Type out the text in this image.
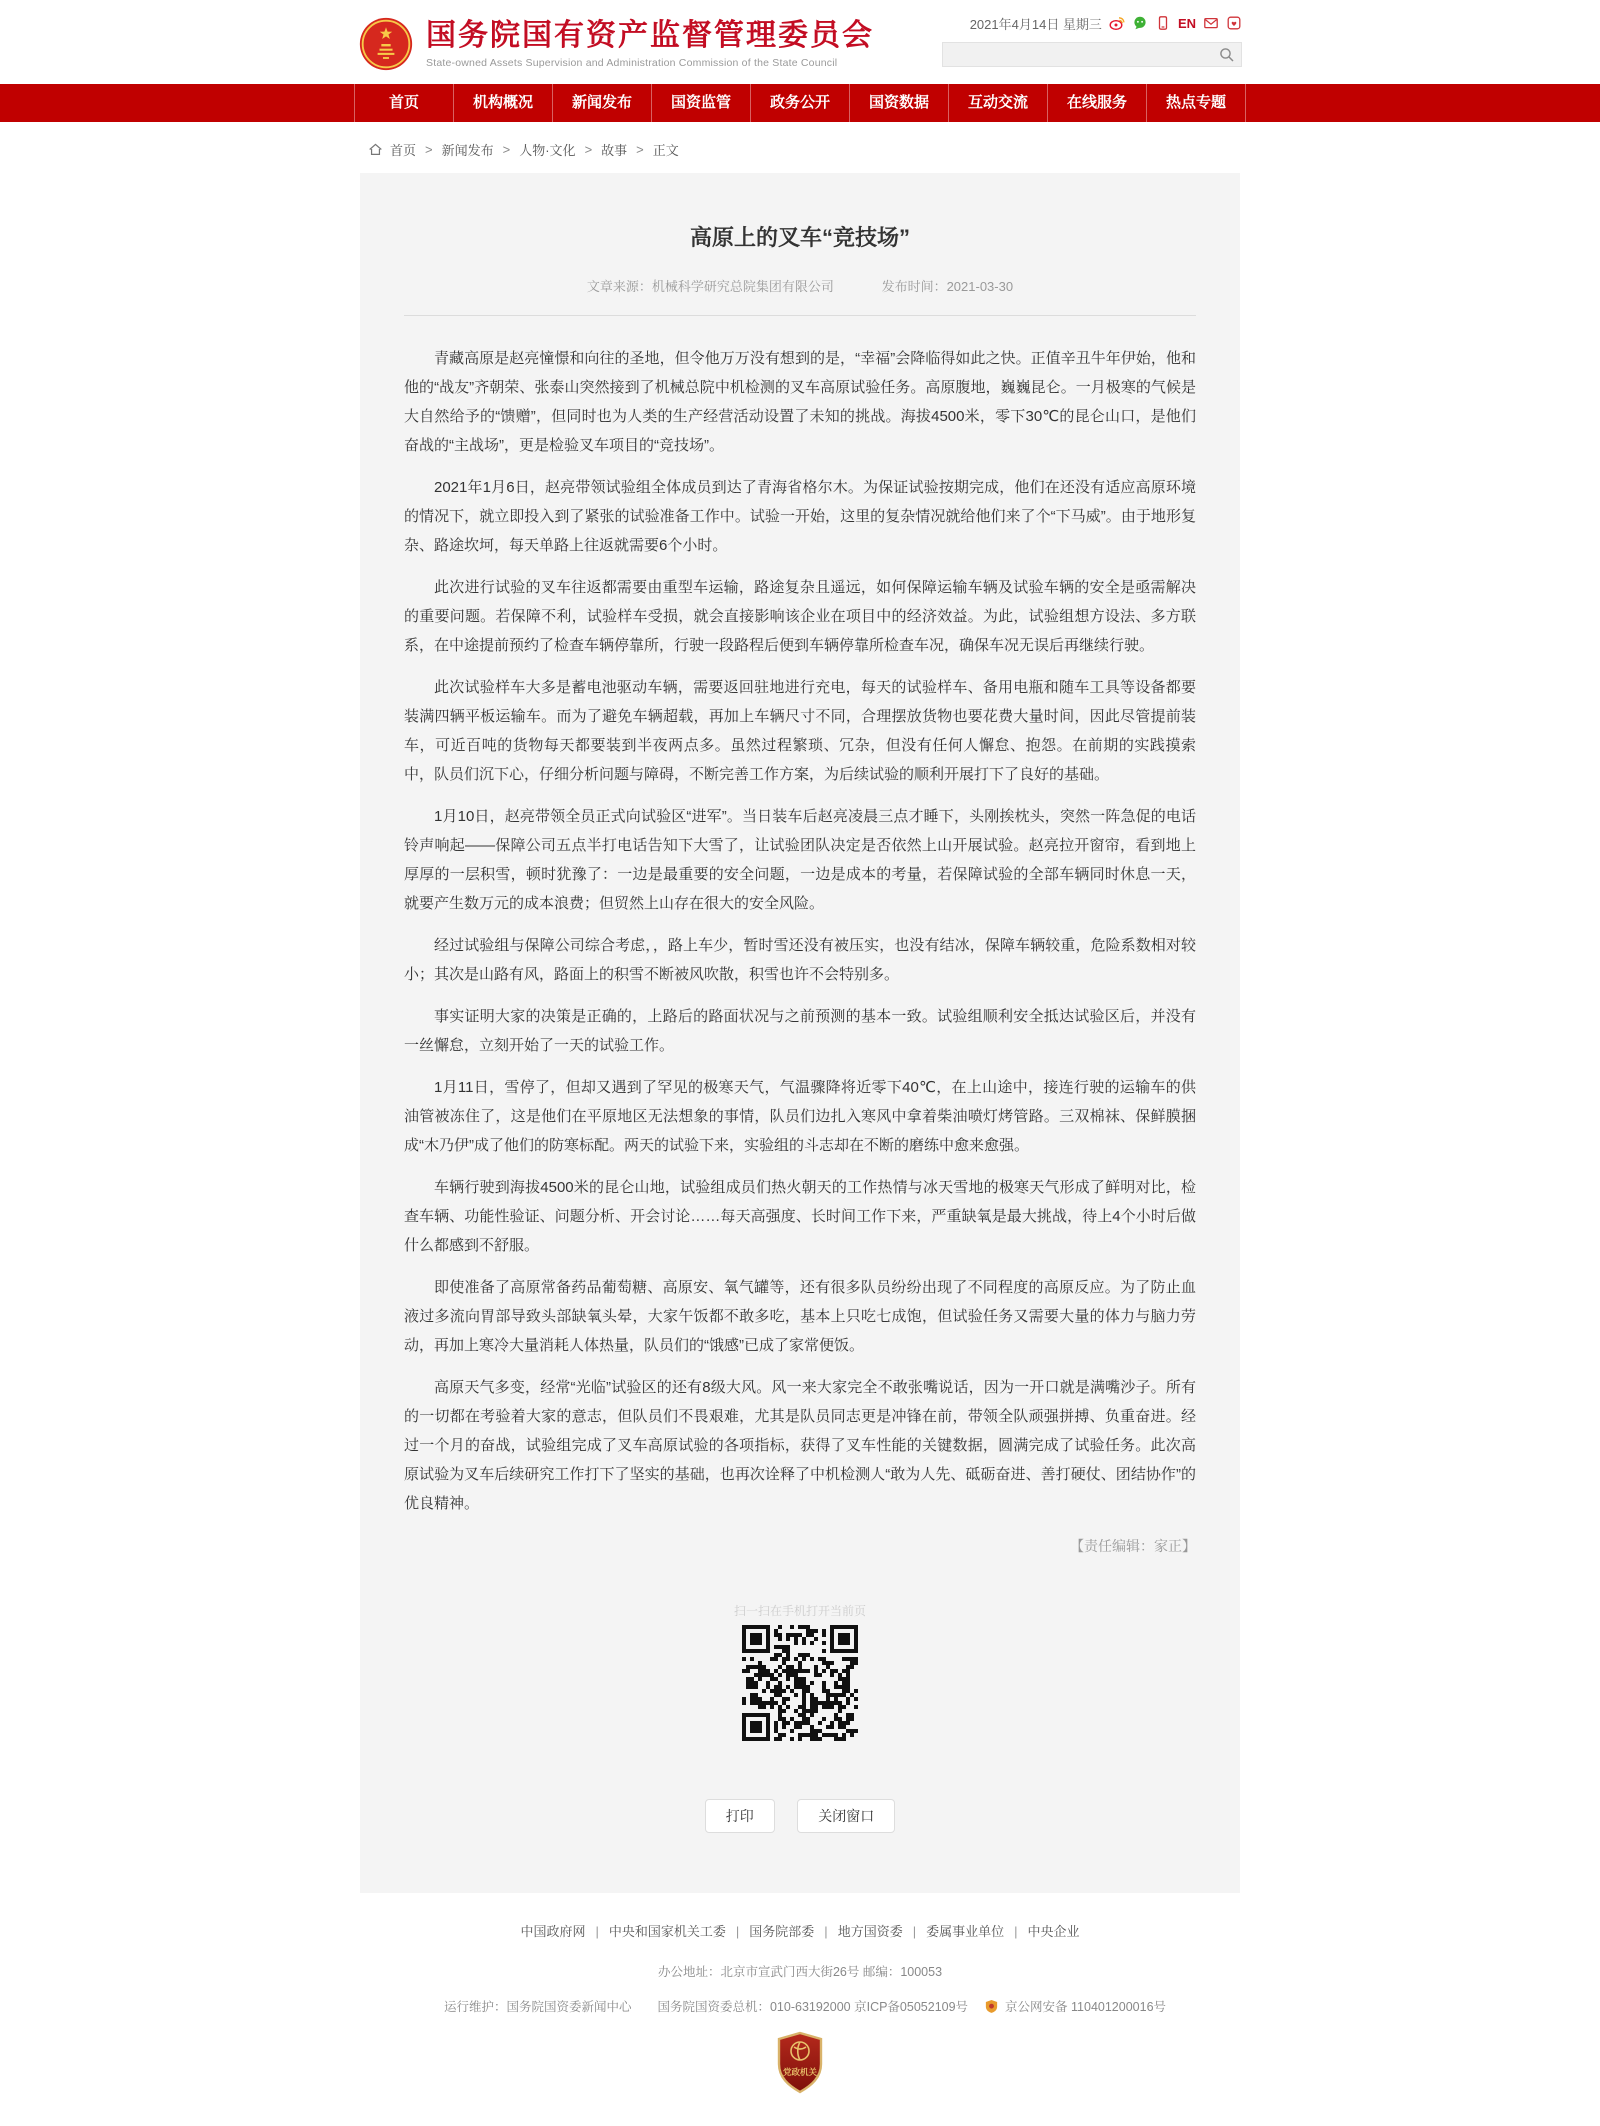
国务院国有资产监督管理委员会
State-owned Assets Supervision and Administration Commission of the State Council
2021年4月14日 星期三	EN
首页	机构概况	新闻发布	国资监管	政务公开	国资数据	互动交流	在线服务	热点专题
首页 > 新闻发布 > 人物·文化 > 故事 > 正文
高原上的叉车“竞技场”
文章来源：机械科学研究总院集团有限公司	发布时间：2021-03-30

青藏高原是赵亮憧憬和向往的圣地，但令他万万没有想到的是，“幸福”会降临得如此之快。正值辛丑牛年伊始，他和他的“战友”齐朝荣、张泰山突然接到了机械总院中机检测的叉车高原试验任务。高原腹地，巍巍昆仑。一月极寒的气候是大自然给予的“馈赠”，但同时也为人类的生产经营活动设置了未知的挑战。海拔4500米，零下30℃的昆仑山口，是他们奋战的“主战场”，更是检验叉车项目的“竞技场”。

2021年1月6日，赵亮带领试验组全体成员到达了青海省格尔木。为保证试验按期完成，他们在还没有适应高原环境的情况下，就立即投入到了紧张的试验准备工作中。试验一开始，这里的复杂情况就给他们来了个“下马威”。由于地形复杂、路途坎坷，每天单路上往返就需要6个小时。

此次进行试验的叉车往返都需要由重型车运输，路途复杂且遥远，如何保障运输车辆及试验车辆的安全是亟需解决的重要问题。若保障不利，试验样车受损，就会直接影响该企业在项目中的经济效益。为此，试验组想方设法、多方联系，在中途提前预约了检查车辆停靠所，行驶一段路程后便到车辆停靠所检查车况，确保车况无误后再继续行驶。

此次试验样车大多是蓄电池驱动车辆，需要返回驻地进行充电，每天的试验样车、备用电瓶和随车工具等设备都要装满四辆平板运输车。而为了避免车辆超载，再加上车辆尺寸不同，合理摆放货物也要花费大量时间，因此尽管提前装车，可近百吨的货物每天都要装到半夜两点多。虽然过程繁琐、冗杂，但没有任何人懈怠、抱怨。在前期的实践摸索中，队员们沉下心，仔细分析问题与障碍，不断完善工作方案，为后续试验的顺利开展打下了良好的基础。

1月10日，赵亮带领全员正式向试验区“进军”。当日装车后赵亮凌晨三点才睡下，头刚挨枕头，突然一阵急促的电话铃声响起——保障公司五点半打电话告知下大雪了，让试验团队决定是否依然上山开展试验。赵亮拉开窗帘，看到地上厚厚的一层积雪，顿时犹豫了：一边是最重要的安全问题，一边是成本的考量，若保障试验的全部车辆同时休息一天，就要产生数万元的成本浪费；但贸然上山存在很大的安全风险。

经过试验组与保障公司综合考虑，，路上车少，暂时雪还没有被压实，也没有结冰，保障车辆较重，危险系数相对较小；其次是山路有风，路面上的积雪不断被风吹散，积雪也许不会特别多。

事实证明大家的决策是正确的，上路后的路面状况与之前预测的基本一致。试验组顺利安全抵达试验区后，并没有一丝懈怠，立刻开始了一天的试验工作。

1月11日，雪停了，但却又遇到了罕见的极寒天气，气温骤降将近零下40℃，在上山途中，接连行驶的运输车的供油管被冻住了，这是他们在平原地区无法想象的事情，队员们边扎入寒风中拿着柴油喷灯烤管路。三双棉袜、保鲜膜捆成“木乃伊”成了他们的防寒标配。两天的试验下来，实验组的斗志却在不断的磨练中愈来愈强。

车辆行驶到海拔4500米的昆仑山地，试验组成员们热火朝天的工作热情与冰天雪地的极寒天气形成了鲜明对比，检查车辆、功能性验证、问题分析、开会讨论……每天高强度、长时间工作下来，严重缺氧是最大挑战，待上4个小时后做什么都感到不舒服。

即使准备了高原常备药品葡萄糖、高原安、氧气罐等，还有很多队员纷纷出现了不同程度的高原反应。为了防止血液过多流向胃部导致头部缺氧头晕，大家午饭都不敢多吃，基本上只吃七成饱，但试验任务又需要大量的体力与脑力劳动，再加上寒冷大量消耗人体热量，队员们的“饿感”已成了家常便饭。

高原天气多变，经常“光临”试验区的还有8级大风。风一来大家完全不敢张嘴说话，因为一开口就是满嘴沙子。所有的一切都在考验着大家的意志，但队员们不畏艰难，尤其是队员同志更是冲锋在前，带领全队顽强拼搏、负重奋进。经过一个月的奋战，试验组完成了叉车高原试验的各项指标，获得了叉车性能的关键数据，圆满完成了试验任务。此次高原试验为叉车后续研究工作打下了坚实的基础，也再次诠释了中机检测人“敢为人先、砥砺奋进、善打硬仗、团结协作”的优良精神。

【责任编辑：家正】
扫一扫在手机打开当前页
打印	关闭窗口
中国政府网 | 中央和国家机关工委 | 国务院部委 | 地方国资委 | 委属事业单位 | 中央企业
办公地址：北京市宣武门西大街26号 邮编：100053
运行维护：国务院国资委新闻中心 国务院国资委总机：010-63192000 京ICP备05052109号	京公网安备 110401200016号
党政机关
